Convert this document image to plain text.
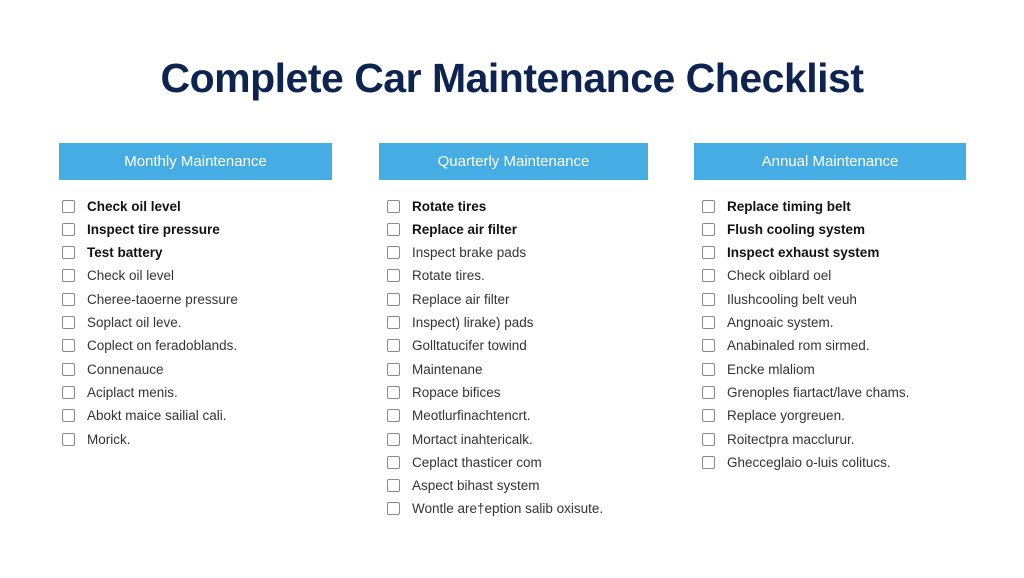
Complete Car Maintenance Checklist
Monthly Maintenance
Check oil level
Inspect tire pressure
Test battery
Check oil level
Cheree-taoerne pressure
Soplact oil leve.
Coplect on feradoblands.
Connenauce
Aciplact menis.
Abokt maice sailial cali.
Morick.
Quarterly Maintenance
Rotate tires
Replace air filter
Inspect brake pads
Rotate tires.
Replace air filter
Inspect) lirake) pads
Golltatucifer towind
Maintenane
Ropace bifices
Meotlurfinachtencrt.
Mortact inahtericalk.
Ceplact thasticer com
Aspect bihast system
Wontle are†eption salib oxisute.
Annual Maintenance
Replace timing belt
Flush cooling system
Inspect exhaust system
Check oiblard oel
Ilushcooling belt veuh
Angnoaic system.
Anabinaled rom sirmed.
Encke mlaliom
Grenoples fiartact/lave chams.
Replace yorgreuen.
Roitectpra macclurur.
Ghecceglaio o-luis colitucs.
